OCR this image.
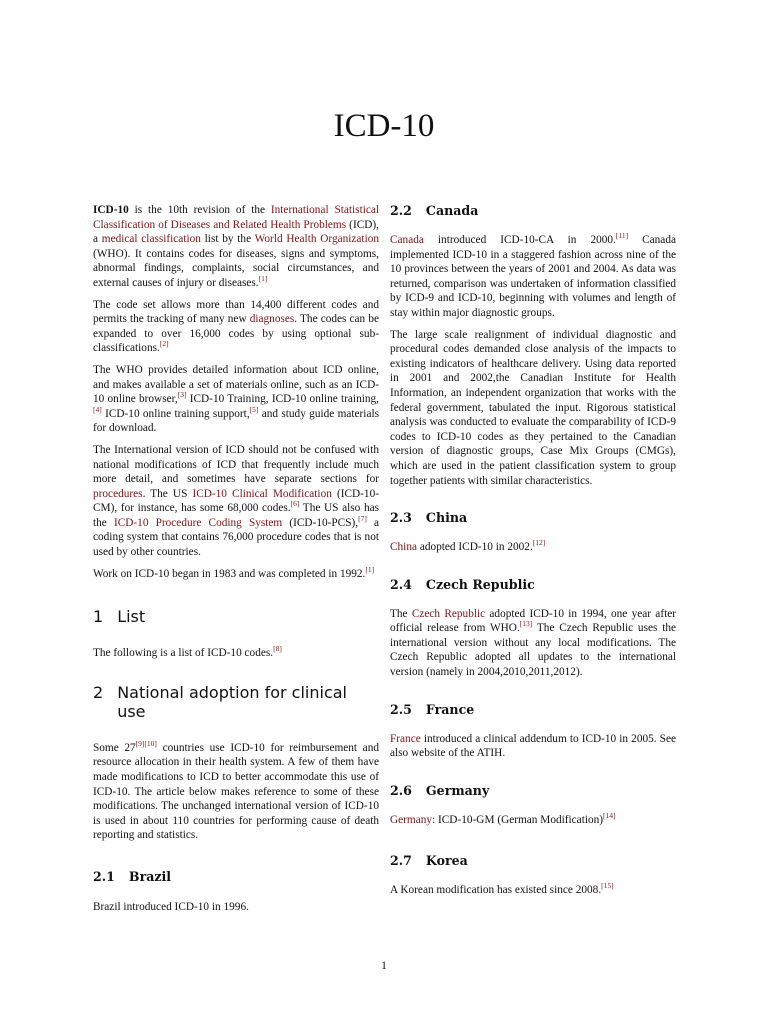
ICD-10

ICD-10 is the 10th revision of the International Statistical Classification of Diseases and Related Health Problems (ICD), a medical classification list by the World Health Organization (WHO). It contains codes for diseases, signs and symptoms, abnormal findings, complaints, social circumstances, and external causes of injury or diseases.[1]

The code set allows more than 14,400 different codes and permits the tracking of many new diagnoses. The codes can be expanded to over 16,000 codes by using optional sub-classifications.[2]

The WHO provides detailed information about ICD online, and makes available a set of materials online, such as an ICD-10 online browser,[3] ICD-10 Training, ICD-10 online training,[4] ICD-10 online training support,[5] and study guide materials for download.

The International version of ICD should not be confused with national modifications of ICD that frequently include much more detail, and sometimes have separate sections for procedures. The US ICD-10 Clinical Modification (ICD-10-CM), for instance, has some 68,000 codes.[6] The US also has the ICD-10 Procedure Coding System (ICD-10-PCS),[7] a coding system that contains 76,000 procedure codes that is not used by other countries.

Work on ICD-10 began in 1983 and was completed in 1992.[1]

1 List

The following is a list of ICD-10 codes.[8]

2 National adoption for clinical use

Some 27[9][10] countries use ICD-10 for reimbursement and resource allocation in their health system. A few of them have made modifications to ICD to better accommodate this use of ICD-10. The article below makes reference to some of these modifications. The unchanged international version of ICD-10 is used in about 110 countries for performing cause of death reporting and statistics.

2.1 Brazil

Brazil introduced ICD-10 in 1996.

2.2 Canada

Canada introduced ICD-10-CA in 2000.[11] Canada implemented ICD-10 in a staggered fashion across nine of the 10 provinces between the years of 2001 and 2004. As data was returned, comparison was undertaken of information classified by ICD-9 and ICD-10, beginning with volumes and length of stay within major diagnostic groups.

The large scale realignment of individual diagnostic and procedural codes demanded close analysis of the impacts to existing indicators of healthcare delivery. Using data reported in 2001 and 2002,the Canadian Institute for Health Information, an independent organization that works with the federal government, tabulated the input. Rigorous statistical analysis was conducted to evaluate the comparability of ICD-9 codes to ICD-10 codes as they pertained to the Canadian version of diagnostic groups, Case Mix Groups (CMGs), which are used in the patient classification system to group together patients with similar characteristics.

2.3 China

China adopted ICD-10 in 2002.[12]

2.4 Czech Republic

The Czech Republic adopted ICD-10 in 1994, one year after official release from WHO.[13] The Czech Republic uses the international version without any local modifications. The Czech Republic adopted all updates to the international version (namely in 2004,2010,2011,2012).

2.5 France

France introduced a clinical addendum to ICD-10 in 2005. See also website of the ATIH.

2.6 Germany

Germany: ICD-10-GM (German Modification)[14]

2.7 Korea

A Korean modification has existed since 2008.[15]

1
